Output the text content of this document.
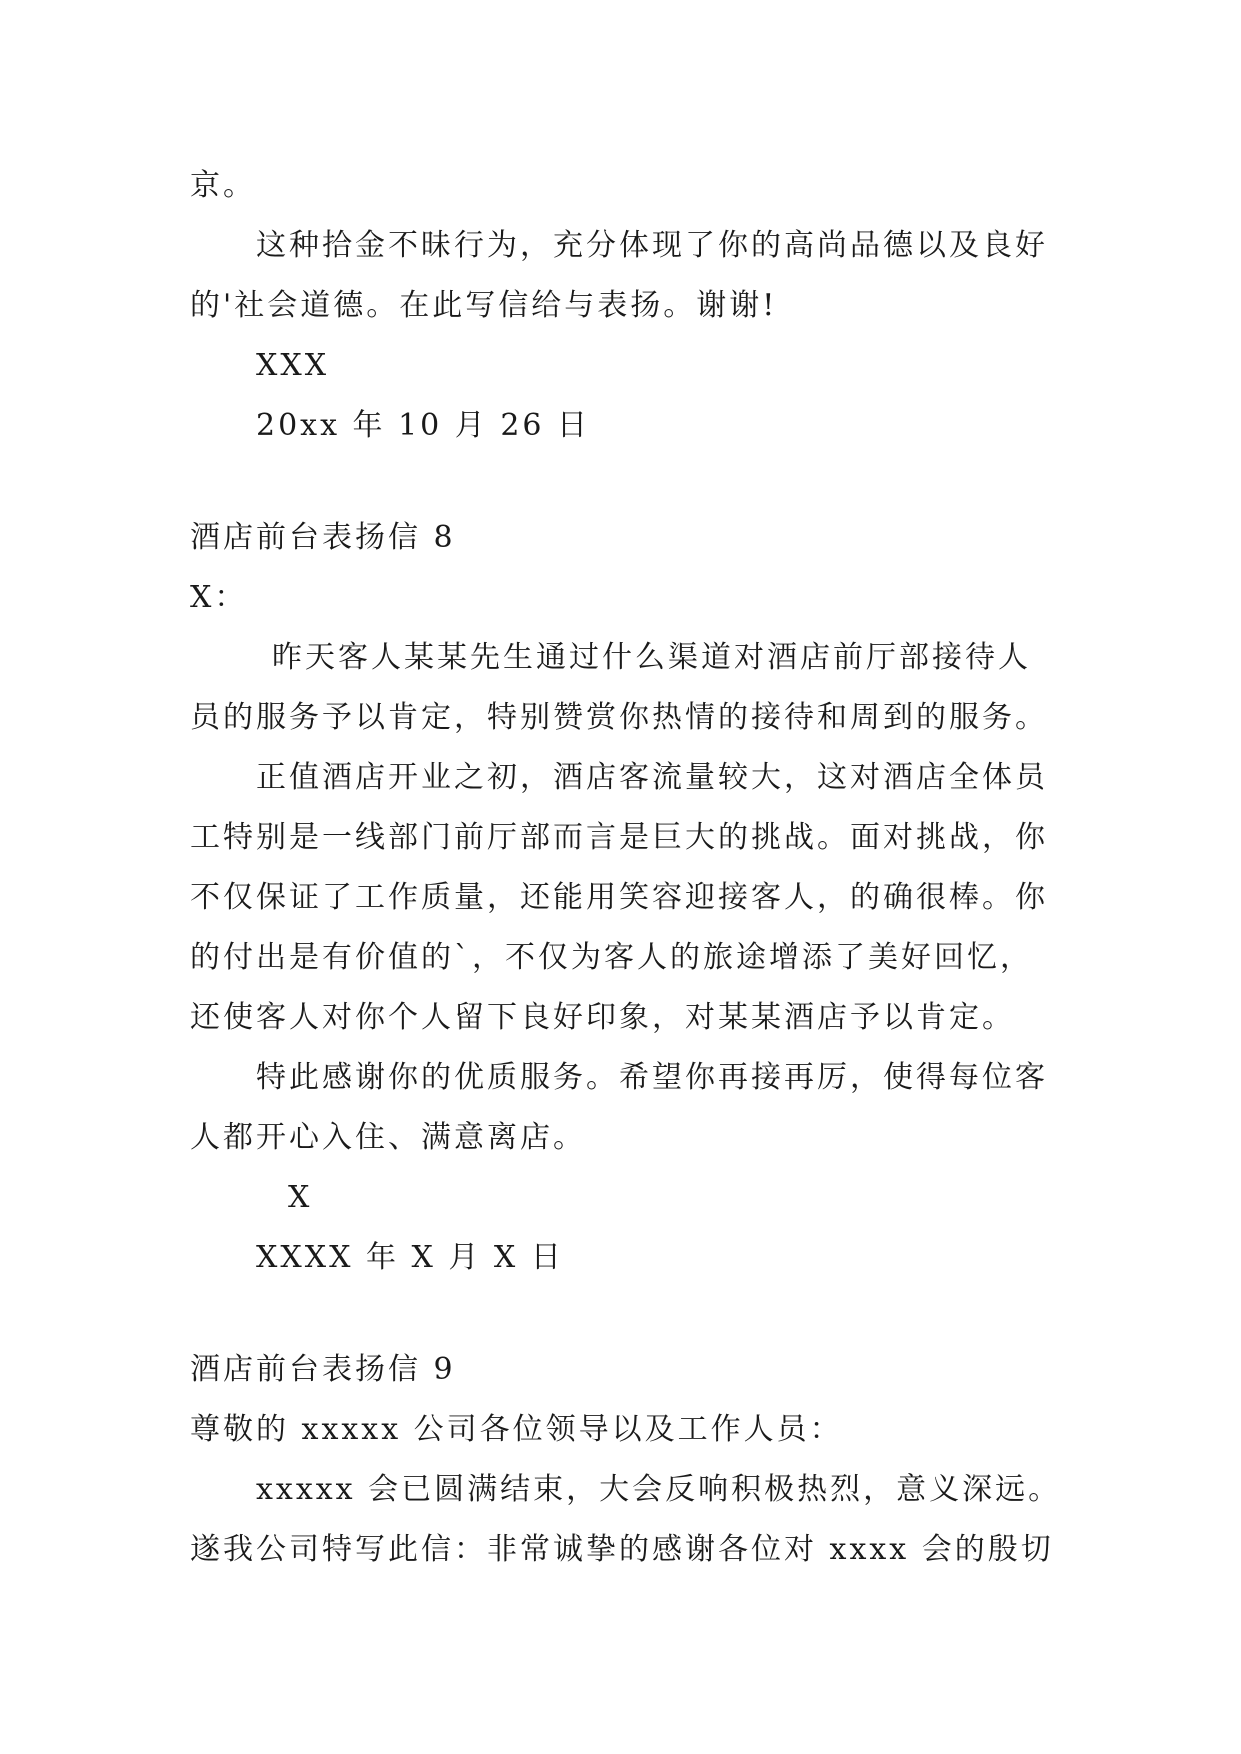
京。
这种拾金不昧行为，充分体现了你的高尚品德以及良好
的'社会道德。在此写信给与表扬。谢谢!
XXX
20xx 年 10 月 26 日
酒店前台表扬信 8
X：
昨天客人某某先生通过什么渠道对酒店前厅部接待人
员的服务予以肯定，特别赞赏你热情的接待和周到的服务。
正值酒店开业之初，酒店客流量较大，这对酒店全体员
工特别是一线部门前厅部而言是巨大的挑战。面对挑战，你
不仅保证了工作质量，还能用笑容迎接客人，的确很棒。你
的付出是有价值的`，不仅为客人的旅途增添了美好回忆，
还使客人对你个人留下良好印象，对某某酒店予以肯定。
特此感谢你的优质服务。希望你再接再厉，使得每位客
人都开心入住、满意离店。
X
XXXX 年 X 月 X 日
酒店前台表扬信 9
尊敬的 xxxxx 公司各位领导以及工作人员：
xxxxx 会已圆满结束，大会反响积极热烈，意义深远。
遂我公司特写此信：非常诚挚的感谢各位对 xxxx 会的殷切
